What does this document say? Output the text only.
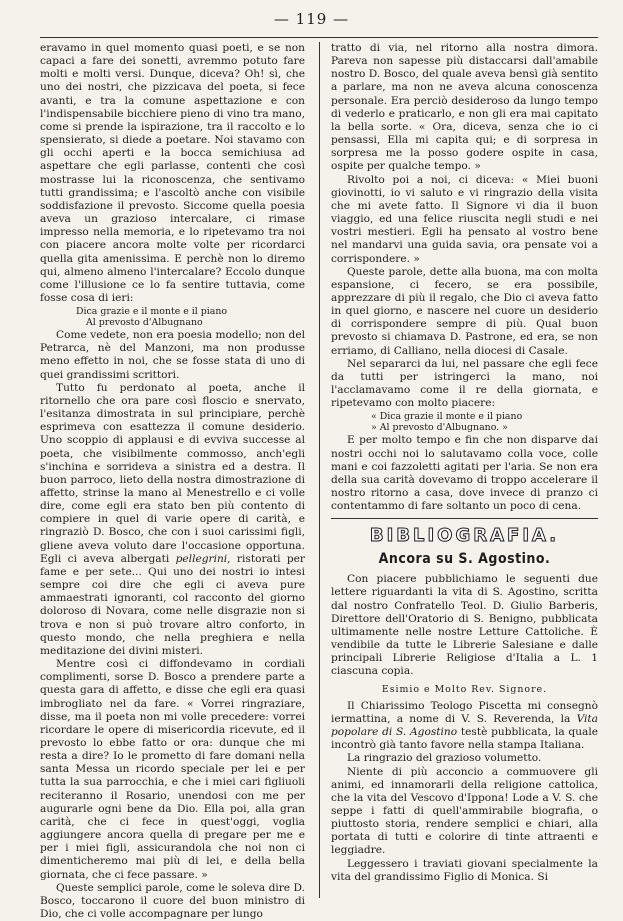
— 119 —

eravamo in quel momento quasi poeti, e se non capaci a fare dei sonetti, avremmo potuto fare molti e molti versi. Dunque, diceva? Oh! sì, che uno dei nostri, che pizzicava del poeta, si fece avanti, e tra la comune aspettazione e con l'indispensabile bicchiere pieno di vino tra mano, come si prende la ispirazione, tra il raccolto e lo spensierato, si diede a poetare. Noi stavamo con gli occhi aperti e la bocca semichiusa ad aspettare che egli parlasse, contenti che così mostrasse lui la riconoscenza, che sentivamo tutti grandissima; e l'ascoltò anche con visibile soddisfazione il prevosto. Siccome quella poesia aveva un grazioso intercalare, ci rimase impresso nella memoria, e lo ripetevamo tra noi con piacere ancora molte volte per ricordarci quella gita amenissima. E perchè non lo diremo qui, almeno almeno l'intercalare? Eccolo dunque come l'illusione ce lo fa sentire tuttavia, come fosse cosa di ieri:

Dica grazie e il monte e il piano
Al prevosto d'Albugnano

Come vedete, non era poesia modello; non del Petrarca, nè del Manzoni, ma non produsse meno effetto in noi, che se fosse stata di uno di quei grandissimi scrittori.

Tutto fu perdonato al poeta, anche il ritornello che ora pare così floscio e snervato, l'esitanza dimostrata in sul principiare, perchè esprimeva con esattezza il comune desiderio. Uno scoppio di applausi e di evviva successe al poeta, che visibilmente commosso, anch'egli s'inchina e sorrideva a sinistra ed a destra. Il buon parroco, lieto della nostra dimostrazione di affetto, strinse la mano al Menestrello e ci volle dire, come egli era stato ben più contento di compiere in quel di varie opere di carità, e ringraziò D. Bosco, che con i suoi carissimi figli, gliene aveva voluto dare l'occasione opportuna. Egli ci aveva albergati pellegrini, ristorati per fame e per sete... Qui uno dei nostri io intesi sempre coi dire che egli ci aveva pure ammaestrati ignoranti, col racconto del giorno doloroso di Novara, come nelle disgrazie non si trova e non si può trovare altro conforto, in questo mondo, che nella preghiera e nella meditazione dei divini misteri.

Mentre così ci diffondevamo in cordiali complimenti, sorse D. Bosco a prendere parte a questa gara di affetto, e disse che egli era quasi imbrogliato nel da fare. « Vorrei ringraziare, disse, ma il poeta non mi volle precedere: vorrei ricordare le opere di misericordia ricevute, ed il prevosto lo ebbe fatto or ora: dunque che mi resta a dire? Io le prometto di fare domani nella santa Messa un ricordo speciale per lei e per tutta la sua parrocchia, e che i miei cari figliuoli reciteranno il Rosario, unendosi con me per augurarle ogni bene da Dio. Ella poi, alla gran carità, che ci fece in quest'oggi, voglia aggiungere ancora quella di pregare per me e per i miei figli, assicurandola che noi non ci dimenticheremo mai più di lei, e della bella giornata, che ci fece passare. »

Queste semplici parole, come le soleva dire D. Bosco, toccarono il cuore del buon ministro di Dio, che ci volle accompagnare per lungo

tratto di via, nel ritorno alla nostra dimora. Pareva non sapesse più distaccarsi dall'amabile nostro D. Bosco, del quale aveva bensì già sentito a parlare, ma non ne aveva alcuna conoscenza personale. Era perciò desideroso da lungo tempo di vederlo e praticarlo, e non gli era mai capitato la bella sorte. « Ora, diceva, senza che io ci pensassi, Ella mi capita qui; e di sorpresa in sorpresa me la posso godere ospite in casa, ospite per qualche tempo. »

Rivolto poi a noi, ci diceva: « Miei buoni giovinotti, io vi saluto e vi ringrazio della visita che mi avete fatto. Il Signore vi dia il buon viaggio, ed una felice riuscita negli studi e nei vostri mestieri. Egli ha pensato al vostro bene nel mandarvi una guida savia, ora pensate voi a corrispondere. »

Queste parole, dette alla buona, ma con molta espansione, ci fecero, se era possibile, apprezzare di più il regalo, che Dio ci aveva fatto in quel giorno, e nascere nel cuore un desiderio di corrispondere sempre di più. Qual buon prevosto si chiamava D. Pastrone, ed era, se non erriamo, di Calliano, nella diocesi di Casale.

Nel separarci da lui, nel passare che egli fece da tutti per istringerci la mano, noi l'acclamavamo come il re della giornata, e ripetevamo con molto piacere:

« Dica grazie il monte e il piano
» Al prevosto d'Albugnano. »

E per molto tempo e fin che non disparve dai nostri occhi noi lo salutavamo colla voce, colle mani e coi fazzoletti agitati per l'aria. Se non era della sua carità dovevamo di troppo accelerare il nostro ritorno a casa, dove invece di pranzo ci contentammo di fare soltanto un poco di cena.

BIBLIOGRAFIA.
Ancora su S. Agostino.

Con piacere pubblichiamo le seguenti due lettere riguardanti la vita di S. Agostino, scritta dal nostro Confratello Teol. D. Giulio Barberis, Direttore dell'Oratorio di S. Benigno, pubblicata ultimamente nelle nostre Letture Cattoliche. È vendibile da tutte le Librerie Salesiane e dalle principali Librerie Religiose d'Italia a L. 1 ciascuna copia.

Esimio e Molto Rev. Signore.

Il Chiarissimo Teologo Piscetta mi consegnò iermattina, a nome di V. S. Reverenda, la Vita popolare di S. Agostino testè pubblicata, la quale incontrò già tanto favore nella stampa Italiana.

La ringrazio del grazioso volumetto.

Niente di più acconcio a commuovere gli animi, ed innamorarli della religione cattolica, che la vita del Vescovo d'Ippona! Lode a V. S. che seppe i fatti di quell'ammirabile biografia, o piuttosto storia, rendere semplici e chiari, alla portata di tutti e colorire di tinte attraenti e leggiadre.

Leggessero i traviati giovani specialmente la vita del grandissimo Figlio di Monica. Si
